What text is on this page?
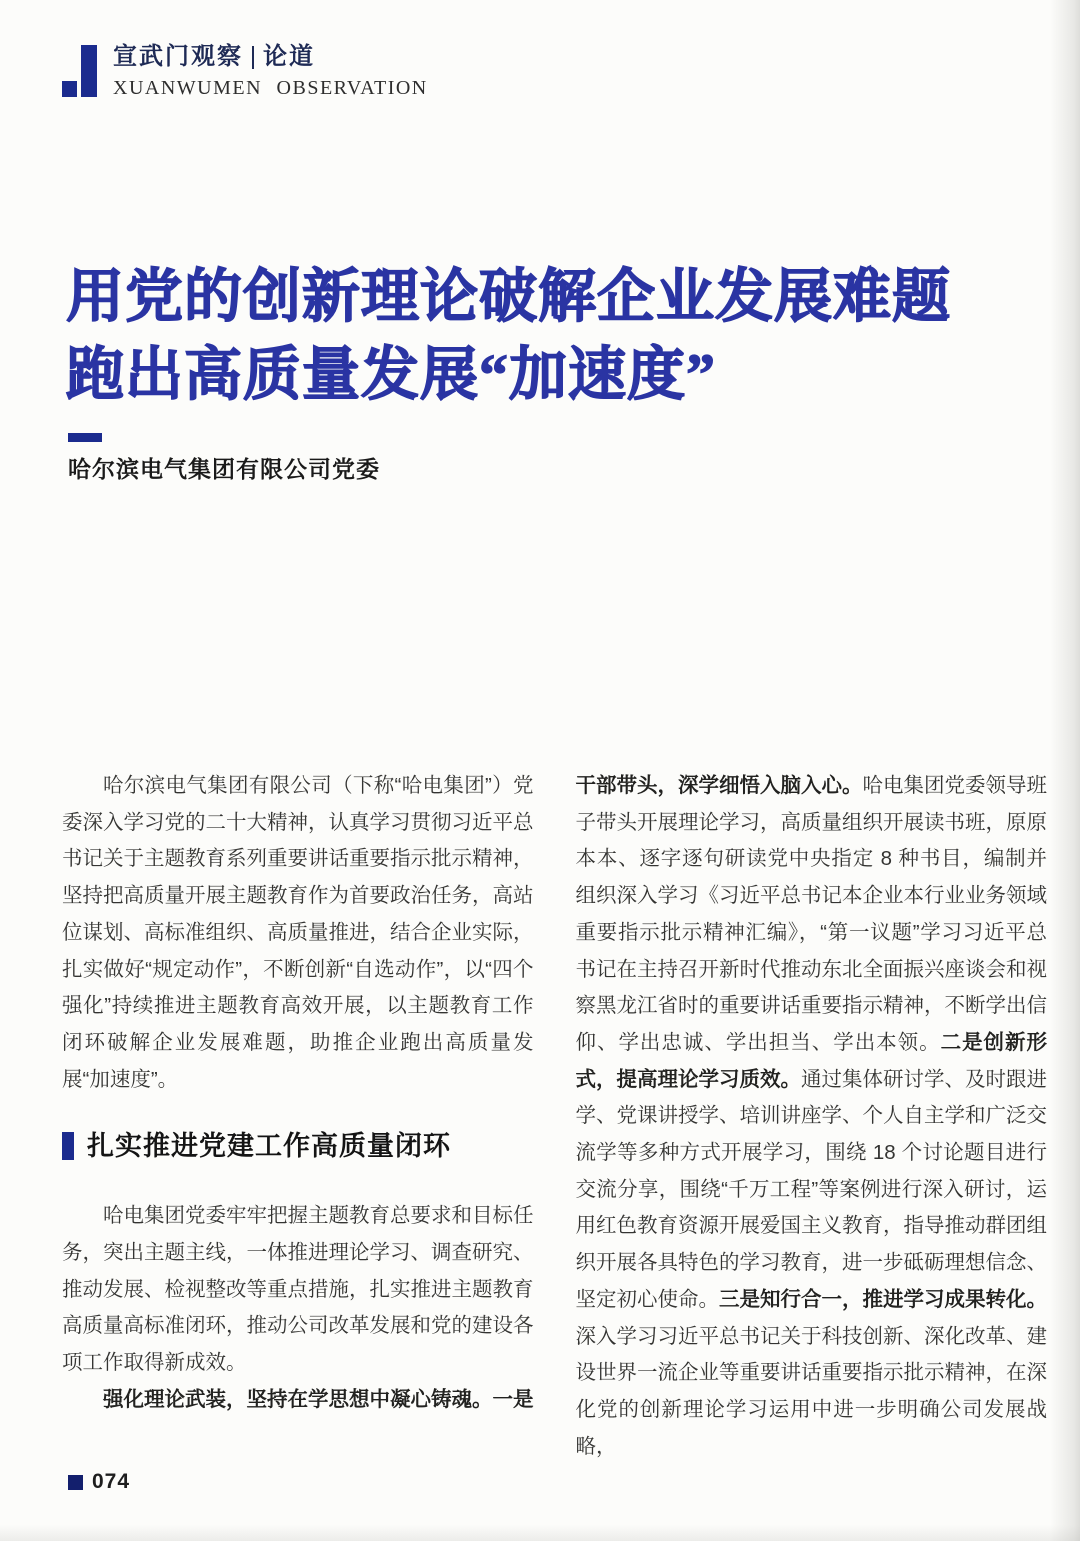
宣武门观察 论道
XUANWUMEN OBSERVATION
用党的创新理论破解企业发展难题
跑出高质量发展“加速度”
哈尔滨电气集团有限公司党委

哈尔滨电气集团有限公司（下称“哈电集团”）党委深入学习党的二十大精神，认真学习贯彻习近平总书记关于主题教育系列重要讲话重要指示批示精神，坚持把高质量开展主题教育作为首要政治任务，高站位谋划、高标准组织、高质量推进，结合企业实际，扎实做好“规定动作”，不断创新“自选动作”，以“四个强化”持续推进主题教育高效开展，以主题教育工作闭环破解企业发展难题，助推企业跑出高质量发展“加速度”。

扎实推进党建工作高质量闭环

哈电集团党委牢牢把握主题教育总要求和目标任务，突出主题主线，一体推进理论学习、调查研究、推动发展、检视整改等重点措施，扎实推进主题教育高质量高标准闭环，推动公司改革发展和党的建设各项工作取得新成效。

强化理论武装，坚持在学思想中凝心铸魂。一是

干部带头，深学细悟入脑入心。哈电集团党委领导班子带头开展理论学习，高质量组织开展读书班，原原本本、逐字逐句研读党中央指定 8 种书目，编制并组织深入学习《习近平总书记本企业本行业业务领域重要指示批示精神汇编》，“第一议题”学习习近平总书记在主持召开新时代推动东北全面振兴座谈会和视察黑龙江省时的重要讲话重要指示精神，不断学出信仰、学出忠诚、学出担当、学出本领。二是创新形式，提高理论学习质效。通过集体研讨学、及时跟进学、党课讲授学、培训讲座学、个人自主学和广泛交流学等多种方式开展学习，围绕 18 个讨论题目进行交流分享，围绕“千万工程”等案例进行深入研讨，运用红色教育资源开展爱国主义教育，指导推动群团组织开展各具特色的学习教育，进一步砥砺理想信念、坚定初心使命。三是知行合一，推进学习成果转化。深入学习习近平总书记关于科技创新、深化改革、建设世界一流企业等重要讲话重要指示批示精神，在深化党的创新理论学习运用中进一步明确公司发展战略，

074
